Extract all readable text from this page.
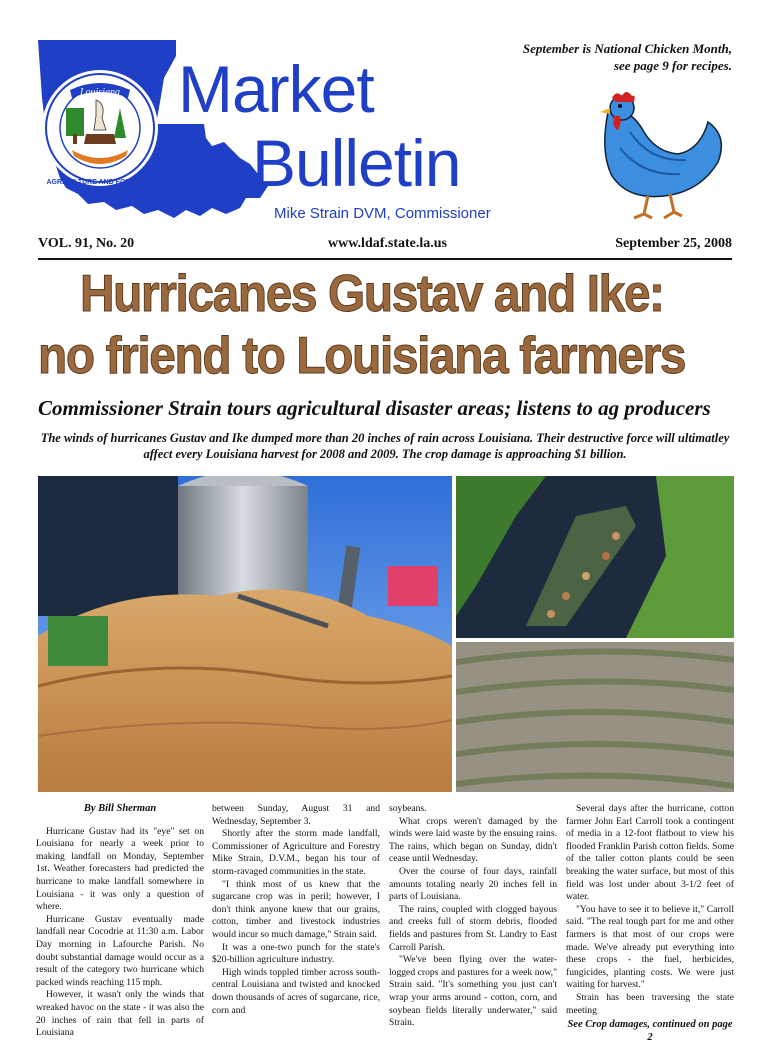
Louisiana
AGRICULTURE AND FORESTRY
Market
Bulletin
Mike Strain DVM, Commissioner
September is National Chicken Month,
see page 9 for recipes.
VOL. 91, No. 20	www.ldaf.state.la.us	September 25, 2008
Hurricanes Gustav and Ike:
no friend to Louisiana farmers
Commissioner Strain tours agricultural disaster areas; listens to ag producers
The winds of hurricanes Gustav and Ike dumped more than 20 inches of rain across Louisiana. Their destructive force will ultimatley affect every Louisiana harvest for 2008 and 2009. The crop damage is approaching $1 billion.
By Bill Sherman

Hurricane Gustav had its "eye" set on Louisiana for nearly a week prior to making landfall on Monday, September 1st. Weather forecasters had predicted the hurricane to make landfall somewhere in Louisiana - it was only a question of where.

Hurricane Gustav eventually made landfall near Cocodrie at 11:30 a.m. Labor Day morning in Lafourche Parish. No doubt substantial damage would occur as a result of the category two hurricane which packed winds reaching 115 mph.

However, it wasn't only the winds that wreaked havoc on the state - it was also the 20 inches of rain that fell in parts of Louisiana

between Sunday, August 31 and Wednesday, September 3.

Shortly after the storm made landfall, Commissioner of Agriculture and Forestry Mike Strain, D.V.M., began his tour of storm-ravaged communities in the state.

"I think most of us knew that the sugarcane crop was in peril; however, I don't think anyone knew that our grains, cotton, timber and livestock industries would incur so much damage," Strain said.

It was a one-two punch for the state's $20-billion agriculture industry.

High winds toppled timber across south-central Louisiana and twisted and knocked down thousands of acres of sugarcane, rice, corn and

soybeans.

What crops weren't damaged by the winds were laid waste by the ensuing rains. The rains, which began on Sunday, didn't cease until Wednesday.

Over the course of four days, rainfall amounts totaling nearly 20 inches fell in parts of Louisiana.

The rains, coupled with clogged bayous and creeks full of storm debris, flooded fields and pastures from St. Landry to East Carroll Parish.

"We've been flying over the water-logged crops and pastures for a week now," Strain said. "It's something you just can't wrap your arms around - cotton, corn, and soybean fields literally underwater," said Strain.

Several days after the hurricane, cotton farmer John Earl Carroll took a contingent of media in a 12-foot flatbout to view his flooded Franklin Parish cotton fields. Some of the taller cotton plants could be seen breaking the water surface, but most of this field was lost under about 3-1/2 feet of water.

"You have to see it to believe it," Carroll said. "The real tough part for me and other farmers is that most of our crops were made. We've already put everything into these crops - the fuel, herbicides, fungicides, planting costs. We were just waiting for harvest."

Strain has been traversing the state meeting

See Crop damages, continued on page 2
